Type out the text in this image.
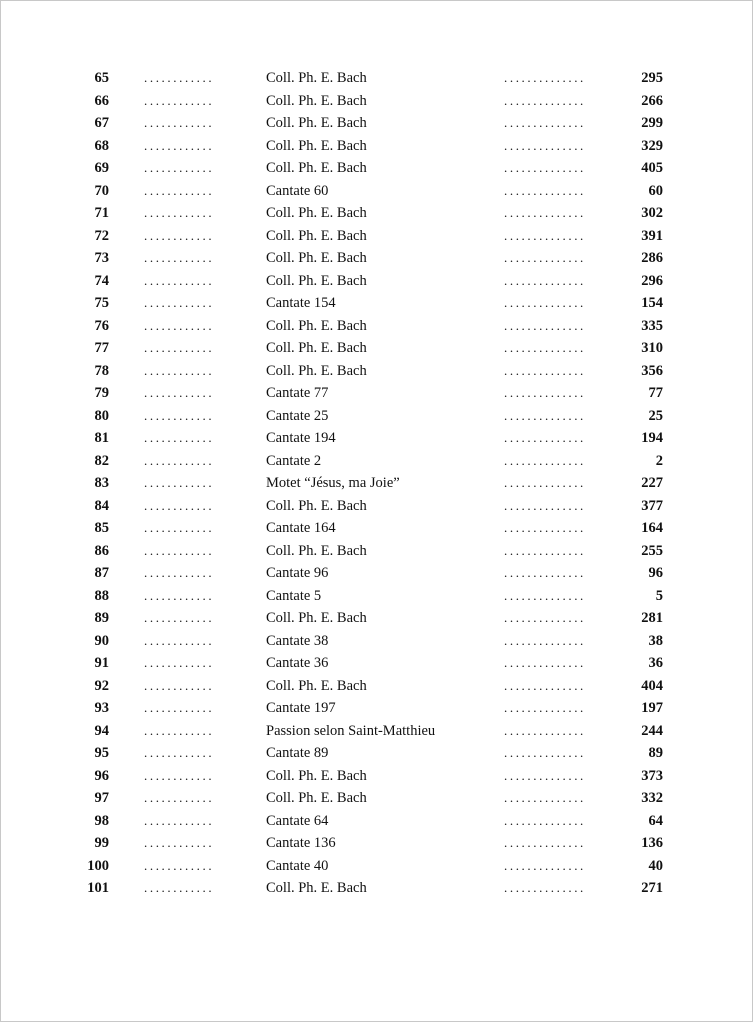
65	............	Coll. Ph. E. Bach	..............	295
66	............	Coll. Ph. E. Bach	..............	266
67	............	Coll. Ph. E. Bach	..............	299
68	............	Coll. Ph. E. Bach	..............	329
69	............	Coll. Ph. E. Bach	..............	405
70	............	Cantate 60	..............	60
71	............	Coll. Ph. E. Bach	..............	302
72	............	Coll. Ph. E. Bach	..............	391
73	............	Coll. Ph. E. Bach	..............	286
74	............	Coll. Ph. E. Bach	..............	296
75	............	Cantate 154	..............	154
76	............	Coll. Ph. E. Bach	..............	335
77	............	Coll. Ph. E. Bach	..............	310
78	............	Coll. Ph. E. Bach	..............	356
79	............	Cantate 77	..............	77
80	............	Cantate 25	..............	25
81	............	Cantate 194	..............	194
82	............	Cantate 2	..............	2
83	............	Motet “Jésus, ma Joie”	..............	227
84	............	Coll. Ph. E. Bach	..............	377
85	............	Cantate 164	..............	164
86	............	Coll. Ph. E. Bach	..............	255
87	............	Cantate 96	..............	96
88	............	Cantate 5	..............	5
89	............	Coll. Ph. E. Bach	..............	281
90	............	Cantate 38	..............	38
91	............	Cantate 36	..............	36
92	............	Coll. Ph. E. Bach	..............	404
93	............	Cantate 197	..............	197
94	............	Passion selon Saint-Matthieu	..............	244
95	............	Cantate 89	..............	89
96	............	Coll. Ph. E. Bach	..............	373
97	............	Coll. Ph. E. Bach	..............	332
98	............	Cantate 64	..............	64
99	............	Cantate 136	..............	136
100	............	Cantate 40	..............	40
101	............	Coll. Ph. E. Bach	..............	271
